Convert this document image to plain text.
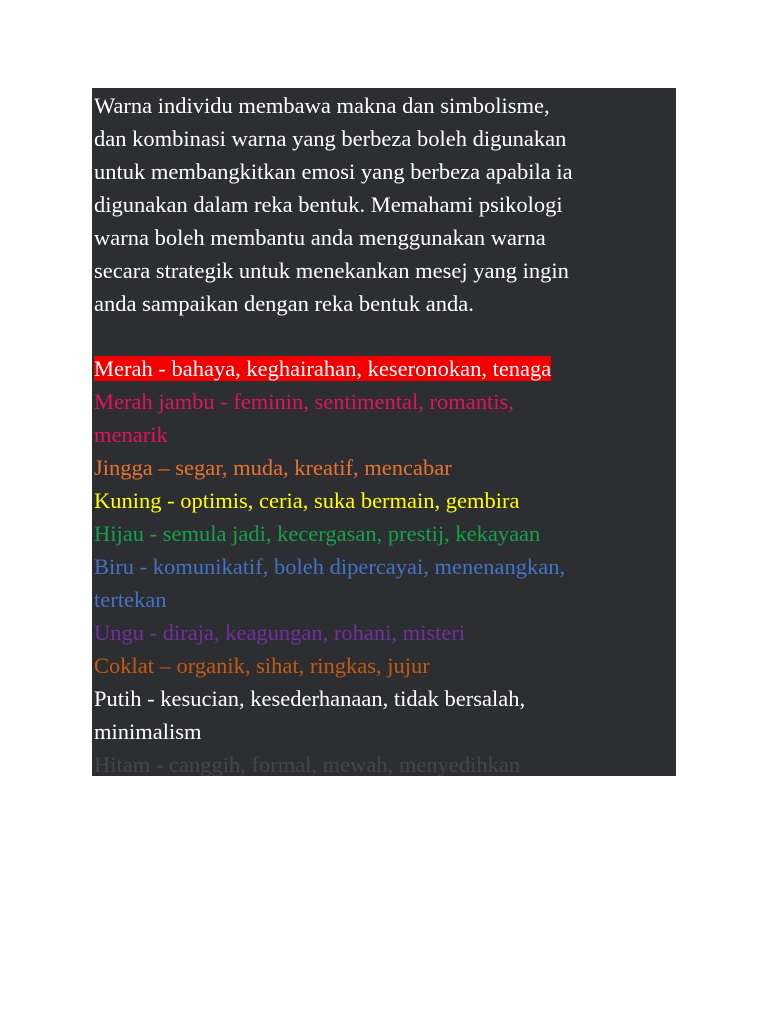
Warna individu membawa makna dan simbolisme,
dan kombinasi warna yang berbeza boleh digunakan
untuk membangkitkan emosi yang berbeza apabila ia
digunakan dalam reka bentuk. Memahami psikologi
warna boleh membantu anda menggunakan warna
secara strategik untuk menekankan mesej yang ingin
anda sampaikan dengan reka bentuk anda.
Merah - bahaya, keghairahan, keseronokan, tenaga
Merah jambu - feminin, sentimental, romantis,
menarik
Jingga – segar, muda, kreatif, mencabar
Kuning - optimis, ceria, suka bermain, gembira
Hijau - semula jadi, kecergasan, prestij, kekayaan
Biru - komunikatif, boleh dipercayai, menenangkan,
tertekan
Ungu - diraja, keagungan, rohani, misteri
Coklat – organik, sihat, ringkas, jujur
Putih - kesucian, kesederhanaan, tidak bersalah,
minimalism
Hitam - canggih, formal, mewah, menyedihkan
